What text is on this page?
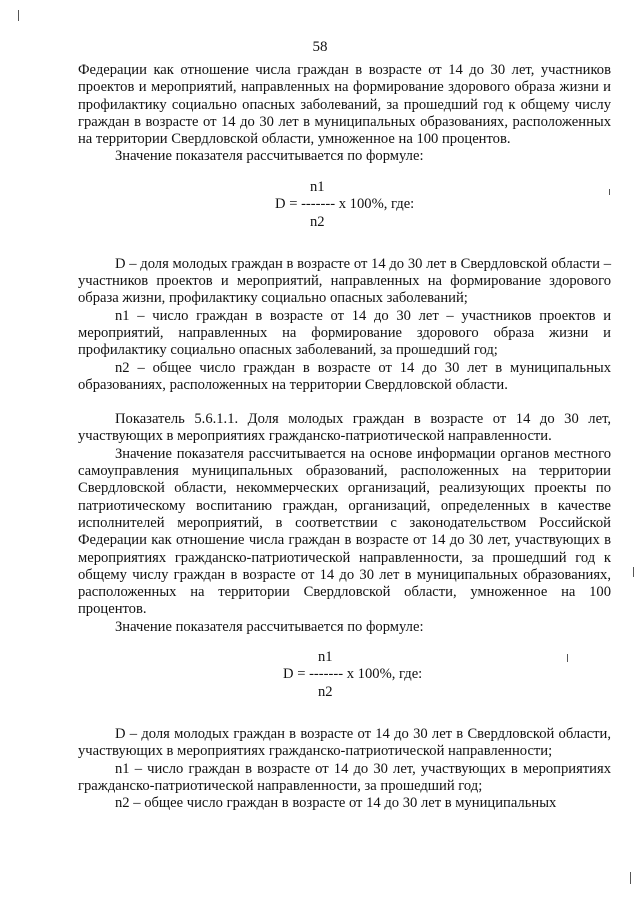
58

Федерации как отношение числа граждан в возрасте от 14 до 30 лет, участников проектов и мероприятий, направленных на формирование здорового образа жизни и профилактику социально опасных заболеваний, за прошедший год к общему числу граждан в возрасте от 14 до 30 лет в муниципальных образованиях, расположенных на территории Свердловской области, умноженное на 100 процентов.

Значение показателя рассчитывается по формуле:

n1
D = ------- х 100%, где:
n2

D – доля молодых граждан в возрасте от 14 до 30 лет в Свердловской области – участников проектов и мероприятий, направленных на формирование здорового образа жизни, профилактику социально опасных заболеваний;

n1 – число граждан в возрасте от 14 до 30 лет – участников проектов и мероприятий, направленных на формирование здорового образа жизни и профилактику социально опасных заболеваний, за прошедший год;

n2 – общее число граждан в возрасте от 14 до 30 лет в муниципальных образованиях, расположенных на территории Свердловской области.

Показатель 5.6.1.1. Доля молодых граждан в возрасте от 14 до 30 лет, участвующих в мероприятиях гражданско-патриотической направленности.

Значение показателя рассчитывается на основе информации органов местного самоуправления муниципальных образований, расположенных на территории Свердловской области, некоммерческих организаций, реализующих проекты по патриотическому воспитанию граждан, организаций, определенных в качестве исполнителей мероприятий, в соответствии с законодательством Российской Федерации как отношение числа граждан в возрасте от 14 до 30 лет, участвующих в мероприятиях гражданско-патриотической направленности, за прошедший год к общему числу граждан в возрасте от 14 до 30 лет в муниципальных образованиях, расположенных на территории Свердловской области, умноженное на 100 процентов.

Значение показателя рассчитывается по формуле:

n1
D = ------- х 100%, где:
n2

D – доля молодых граждан в возрасте от 14 до 30 лет в Свердловской области, участвующих в мероприятиях гражданско-патриотической направленности;

n1 – число граждан в возрасте от 14 до 30 лет, участвующих в мероприятиях гражданско-патриотической направленности, за прошедший год;

n2 – общее число граждан в возрасте от 14 до 30 лет в муниципальных
